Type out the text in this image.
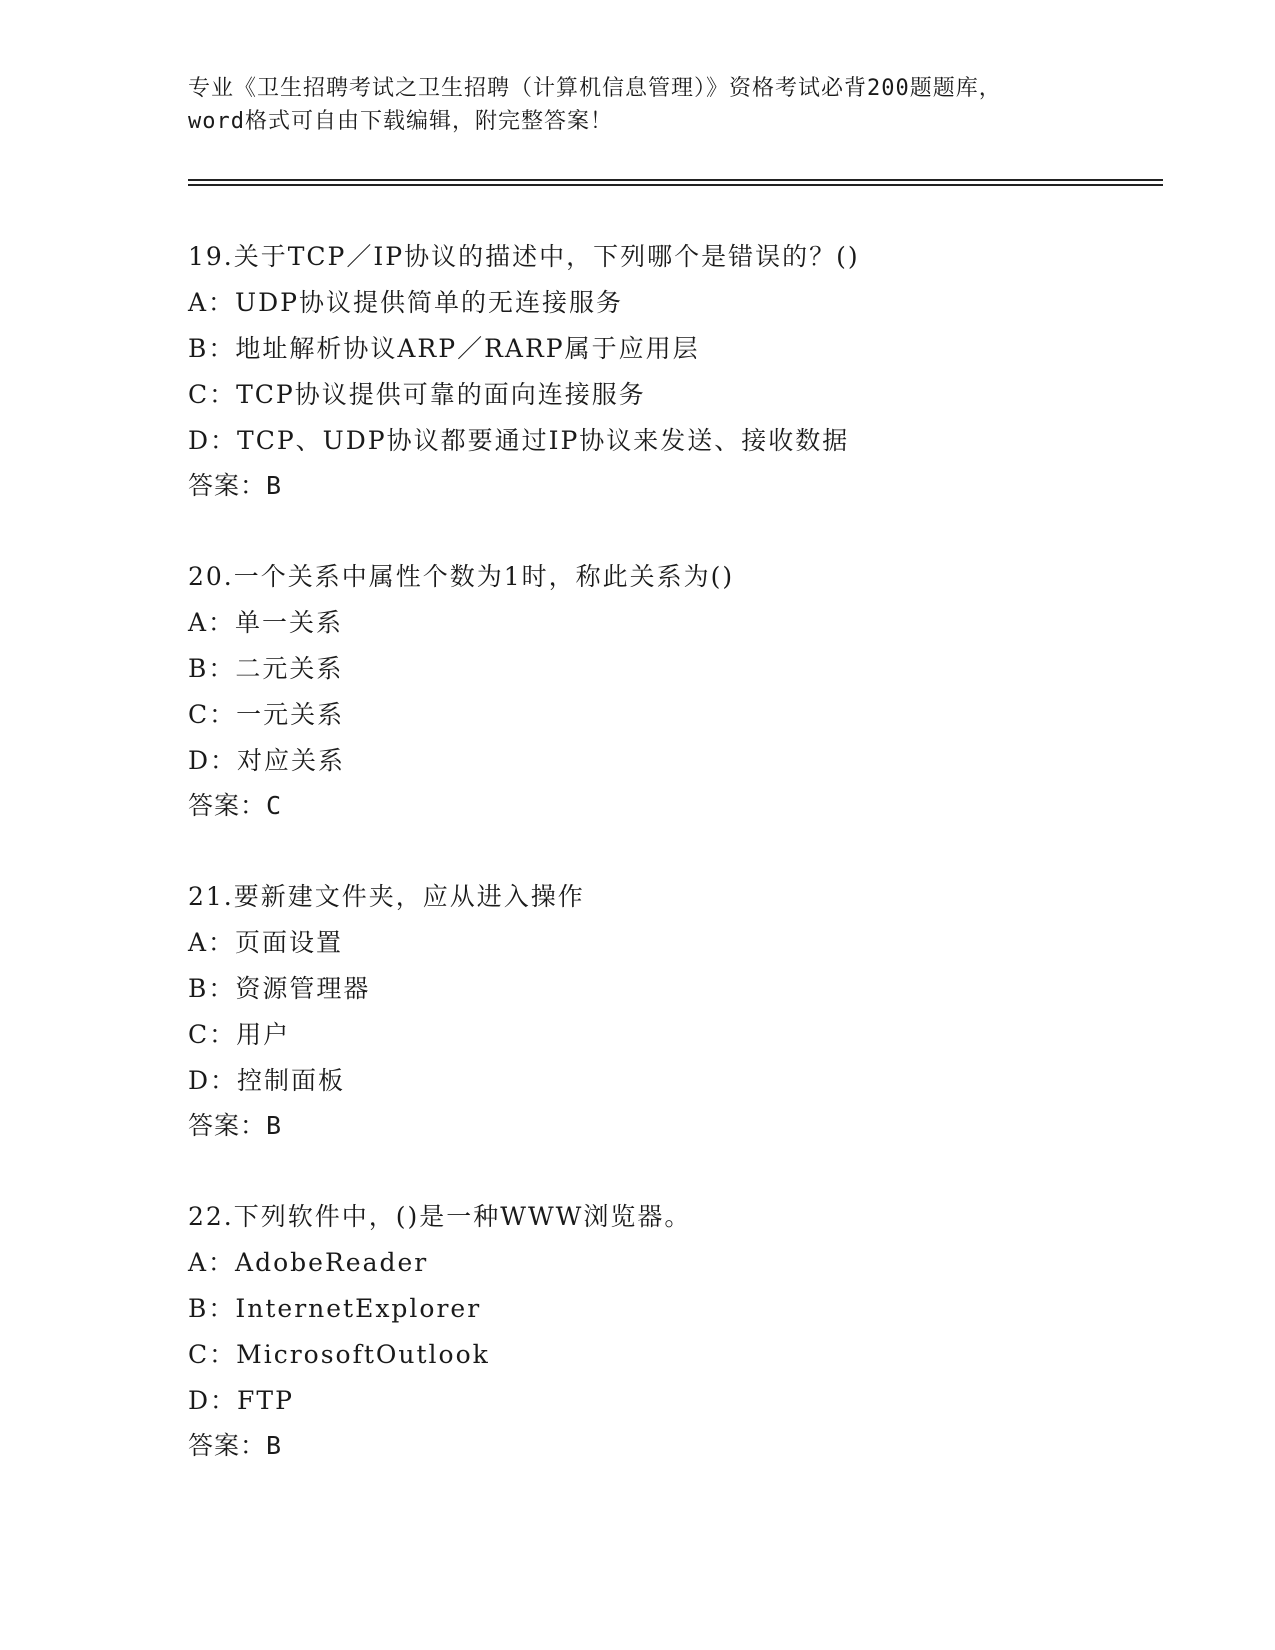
专业《卫生招聘考试之卫生招聘（计算机信息管理）》资格考试必背200题题库，
word格式可自由下载编辑，附完整答案！
19.关于TCP／IP协议的描述中，下列哪个是错误的？()
A：UDP协议提供简单的无连接服务
B：地址解析协议ARP／RARP属于应用层
C：TCP协议提供可靠的面向连接服务
D：TCP、UDP协议都要通过IP协议来发送、接收数据
答案：B
20.一个关系中属性个数为1时，称此关系为()
A：单一关系
B：二元关系
C：一元关系
D：对应关系
答案：C
21.要新建文件夹，应从进入操作
A：页面设置
B：资源管理器
C：用户
D：控制面板
答案：B
22.下列软件中，()是一种WWW浏览器。
A：AdobeReader
B：InternetExplorer
C：MicrosoftOutlook
D：FTP
答案：B
